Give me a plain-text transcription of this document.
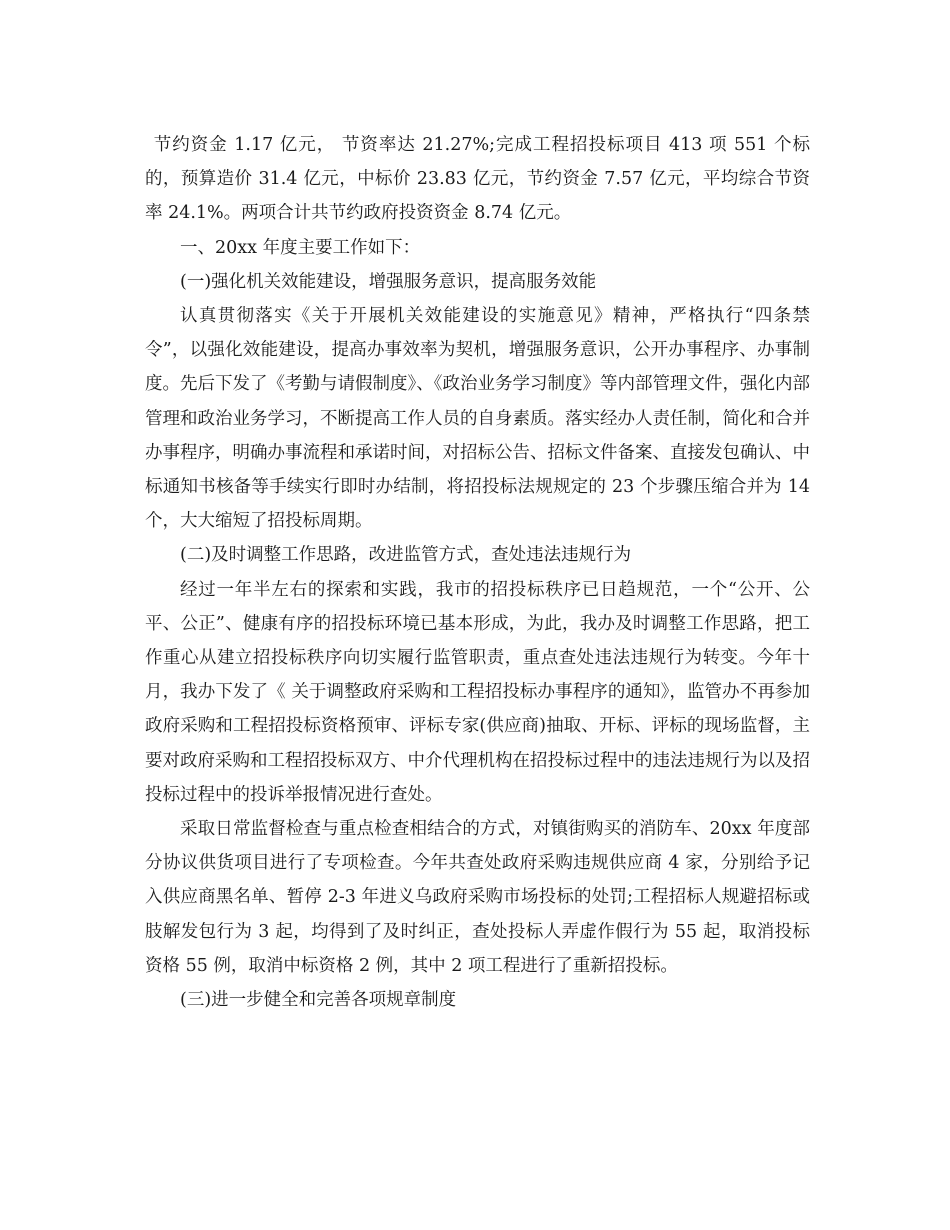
节约资金 1.17 亿元， 节资率达 21.27%;完成工程招投标项目 413 项 551 个标的，预算造价 31.4 亿元，中标价 23.83 亿元，节约资金 7.57 亿元，平均综合节资率 24.1%。两项合计共节约政府投资资金 8.74 亿元。

一、20xx 年度主要工作如下：

(一)强化机关效能建设，增强服务意识，提高服务效能

认真贯彻落实《关于开展机关效能建设的实施意见》精神，严格执行“四条禁令”，以强化效能建设，提高办事效率为契机，增强服务意识，公开办事程序、办事制度。先后下发了《考勤与请假制度》、《政治业务学习制度》等内部管理文件，强化内部管理和政治业务学习，不断提高工作人员的自身素质。落实经办人责任制，简化和合并办事程序，明确办事流程和承诺时间，对招标公告、招标文件备案、直接发包确认、中标通知书核备等手续实行即时办结制，将招投标法规规定的 23 个步骤压缩合并为 14 个，大大缩短了招投标周期。

(二)及时调整工作思路，改进监管方式，查处违法违规行为

经过一年半左右的探索和实践，我市的招投标秩序已日趋规范，一个“公开、公平、公正”、健康有序的招投标环境已基本形成，为此，我办及时调整工作思路，把工作重心从建立招投标秩序向切实履行监管职责，重点查处违法违规行为转变。今年十月，我办下发了《 关于调整政府采购和工程招投标办事程序的通知》，监管办不再参加政府采购和工程招投标资格预审、评标专家(供应商)抽取、开标、评标的现场监督，主要对政府采购和工程招投标双方、中介代理机构在招投标过程中的违法违规行为以及招投标过程中的投诉举报情况进行查处。

采取日常监督检查与重点检查相结合的方式，对镇街购买的消防车、20xx 年度部分协议供货项目进行了专项检查。今年共查处政府采购违规供应商 4 家，分别给予记入供应商黑名单、暂停 2-3 年进义乌政府采购市场投标的处罚;工程招标人规避招标或肢解发包行为 3 起，均得到了及时纠正，查处投标人弄虚作假行为 55 起，取消投标资格 55 例，取消中标资格 2 例，其中 2 项工程进行了重新招投标。

(三)进一步健全和完善各项规章制度
